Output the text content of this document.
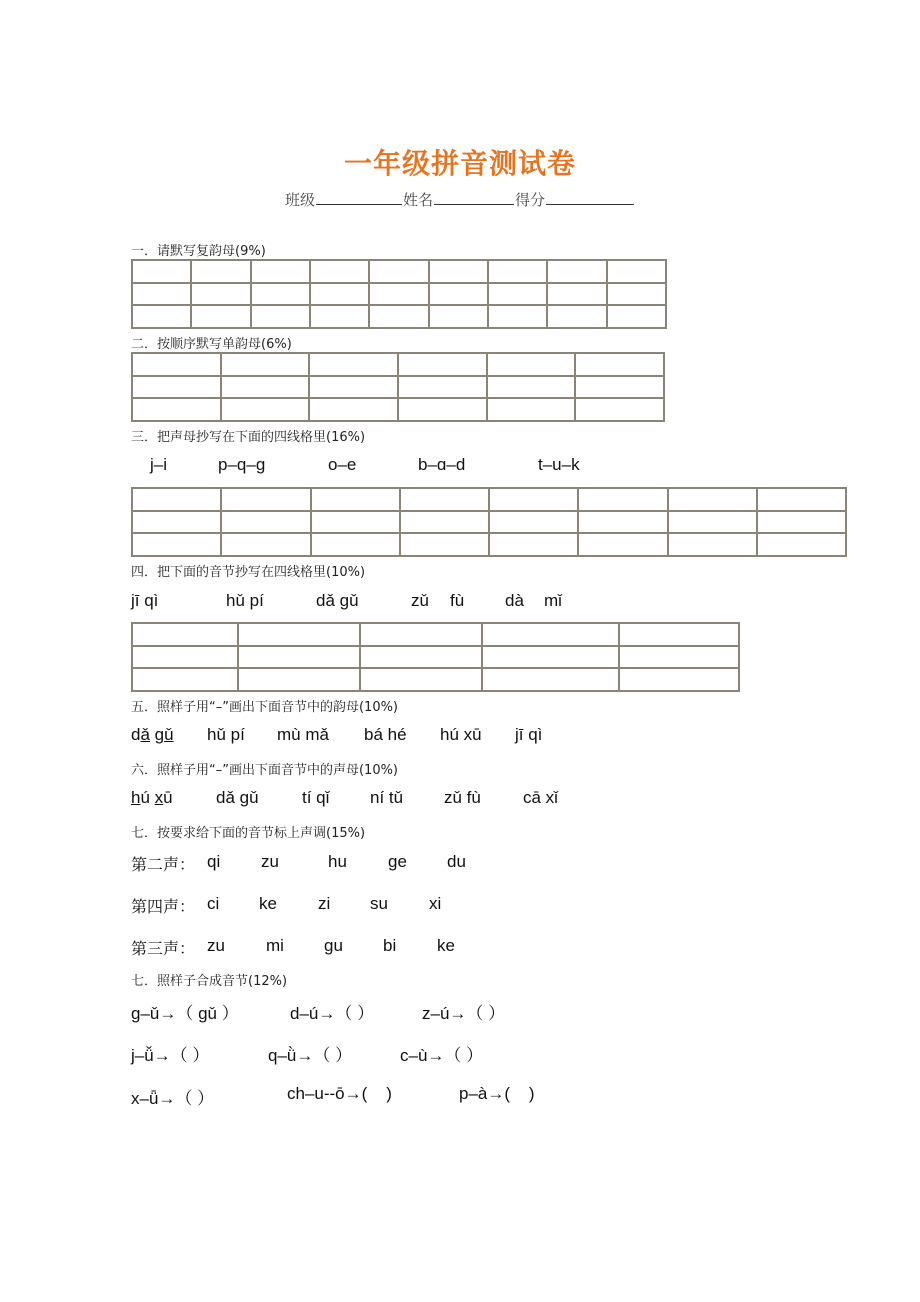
一年级拼音测试卷
班级	姓名	得分
一．请默写复韵母(9%)

二．按顺序默写单韵母(6%)

三．把声母抄写在下面的四线格里(16%)
j–i	p–q–g	o–e	b–ɑ–d	t–u–k

四．把下面的音节抄写在四线格里(10%)
jī qì	hǔ pí	dǎ gǔ	zǔ fù dà mǐ

五．照样子用“–”画出下面音节中的韵母(10%)
dǎ gǔ hǔ pí mù mǎ bá hé hú xū jī qì
六．照样子用“–”画出下面音节中的声母(10%)
hú xū	dǎ gǔ	tí qǐ ní tǔ zǔ fù cā xǐ
七．按要求给下面的音节标上声调(15%)
第二声： qi zu	hu ge du
第四声： ci ke zi su xi
第三声： zu mi gu bi ke
七．照样子合成音节(12%)
g–ǔ→（ gǔ ）	d–ú→（ ）	z–ú→（ ）
j–ǚ→（ ）	q–ǜ→（ ）	c–ù→（ ）
x–ǖ→（ ）	ch–u--ō→(    )	p–à→(    )
